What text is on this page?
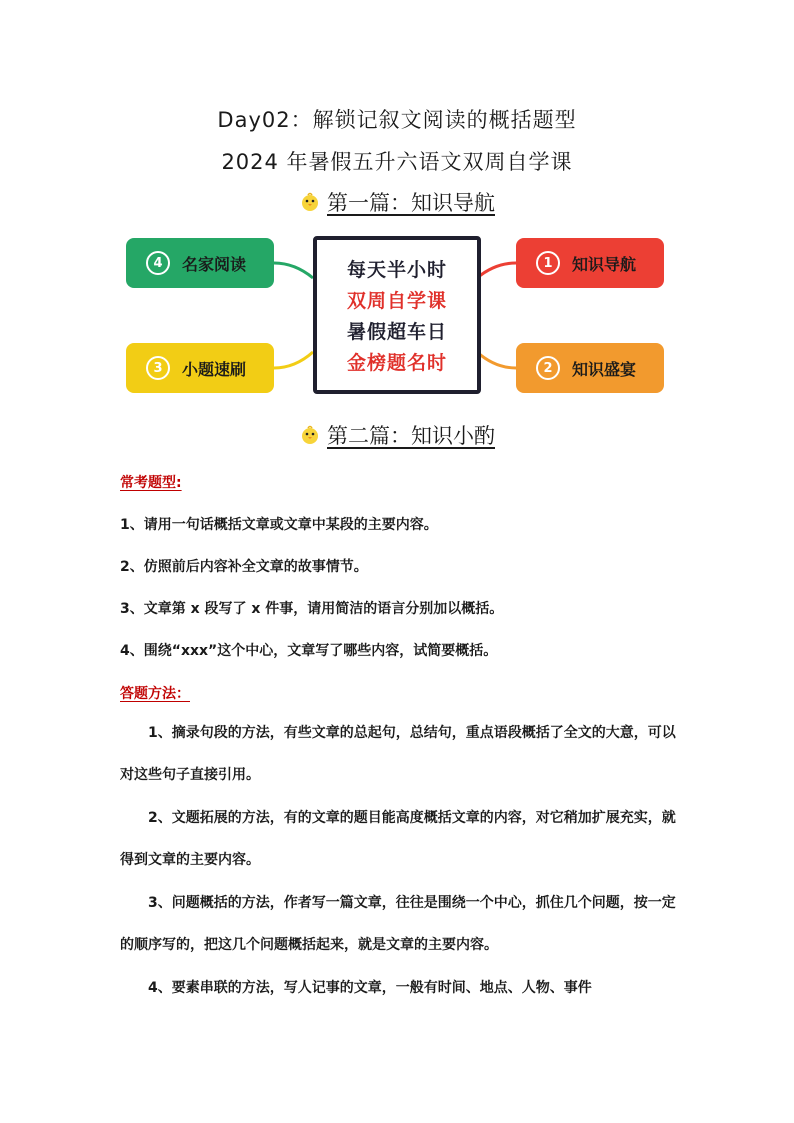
Day02：解锁记叙文阅读的概括题型
2024 年暑假五升六语文双周自学课
第一篇：知识导航
4	名家阅读
3	小题速刷
1	知识导航
2	知识盛宴
每天半小时
双周自学课
暑假超车日
金榜题名时
第二篇：知识小酌
常考题型:
1、请用一句话概括文章或文章中某段的主要内容。
2、仿照前后内容补全文章的故事情节。
3、文章第 x 段写了 x 件事，请用简洁的语言分别加以概括。
4、围绕“xxx”这个中心，文章写了哪些内容，试简要概括。
答题方法：
1、摘录句段的方法，有些文章的总起句，总结句，重点语段概括了全文的大意，可以对这些句子直接引用。
2、文题拓展的方法，有的文章的题目能高度概括文章的内容，对它稍加扩展充实，就得到文章的主要内容。
3、问题概括的方法，作者写一篇文章，往往是围绕一个中心，抓住几个问题，按一定的顺序写的，把这几个问题概括起来，就是文章的主要内容。
4、要素串联的方法，写人记事的文章，一般有时间、地点、人物、事件
